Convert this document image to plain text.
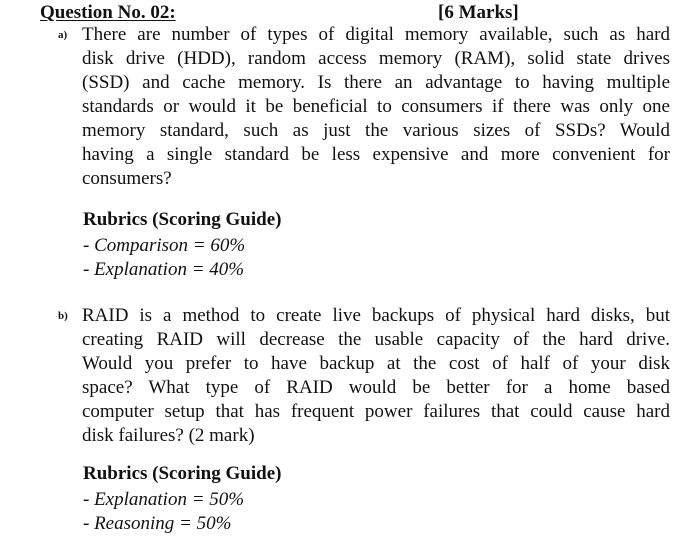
Question No. 02:	[6 Marks]
a) There are number of types of digital memory available, such as hard
disk drive (HDD), random access memory (RAM), solid state drives
(SSD) and cache memory. Is there an advantage to having multiple
standards or would it be beneficial to consumers if there was only one
memory standard, such as just the various sizes of SSDs? Would
having a single standard be less expensive and more convenient for
consumers?
Rubrics (Scoring Guide)
- Comparison = 60%
- Explanation = 40%
b) RAID is a method to create live backups of physical hard disks, but
creating RAID will decrease the usable capacity of the hard drive.
Would you prefer to have backup at the cost of half of your disk
space? What type of RAID would be better for a home based
computer setup that has frequent power failures that could cause hard
disk failures? (2 mark)
Rubrics (Scoring Guide)
- Explanation = 50%
- Reasoning = 50%
